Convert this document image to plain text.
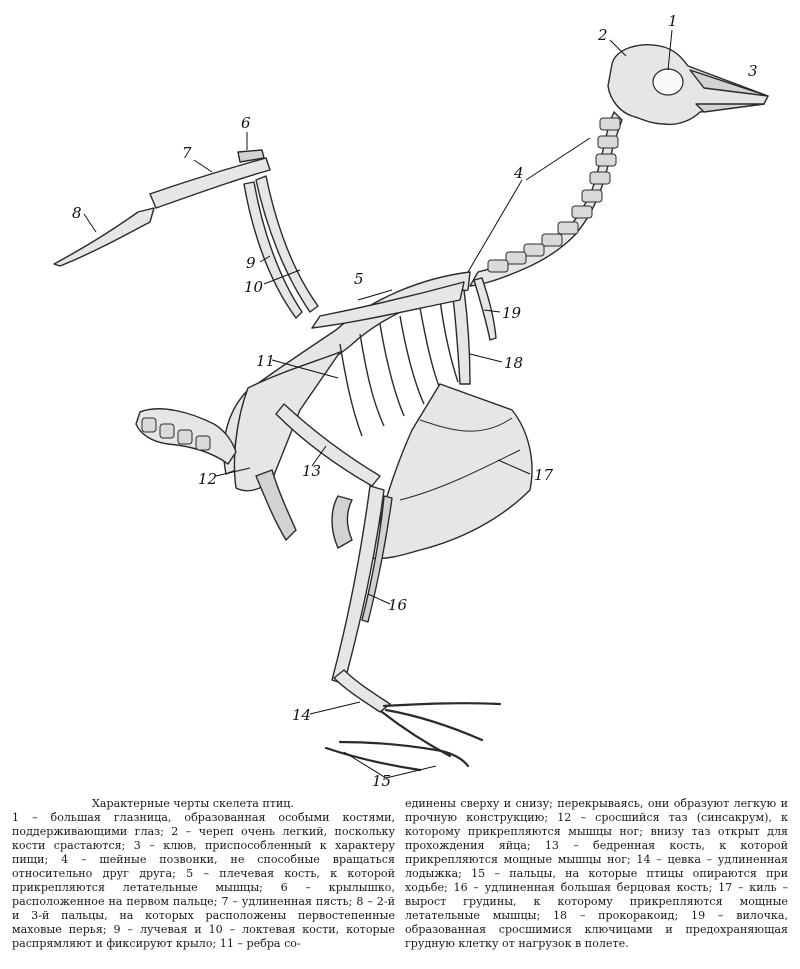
1
2
3
4
5
6
7
8
9
10
11
12	13
14
15
16
17
18
19
Характерные черты скелета птиц.
1 – большая глазница, образованная особыми костями, поддерживающими глаз; 2 – череп очень легкий, поскольку кости срастаются; 3 – клюв, приспособленный к характеру пищи; 4 – шейные позвонки, не способные вращаться относительно друг друга; 5 – плечевая кость, к которой прикрепляются летательные мышцы; 6 – крылышко, расположенное на первом пальце; 7 – удлиненная пясть; 8 – 2-й и 3-й пальцы, на которых расположены первостепенные маховые перья; 9 – лучевая и 10 – локтевая кости, которые распрямляют и фиксируют крыло; 11 – ребра со-
единены сверху и снизу; перекрываясь, они образуют легкую и прочную конструкцию; 12 – сросшийся таз (синсакрум), к которому прикрепляются мышцы ног; внизу таз открыт для прохождения яйца; 13 – бедренная кость, к которой прикрепляются мощные мышцы ног; 14 – цевка – удлиненная лодыжка; 15 – пальцы, на которые птицы опираются при ходьбе; 16 – удлиненная большая берцовая кость; 17 – киль – вырост грудины, к которому прикрепляются мощные летательные мышцы; 18 – прокоракоид; 19 – вилочка, образованная сросшимися ключицами и предохраняющая грудную клетку от нагрузок в полете.
